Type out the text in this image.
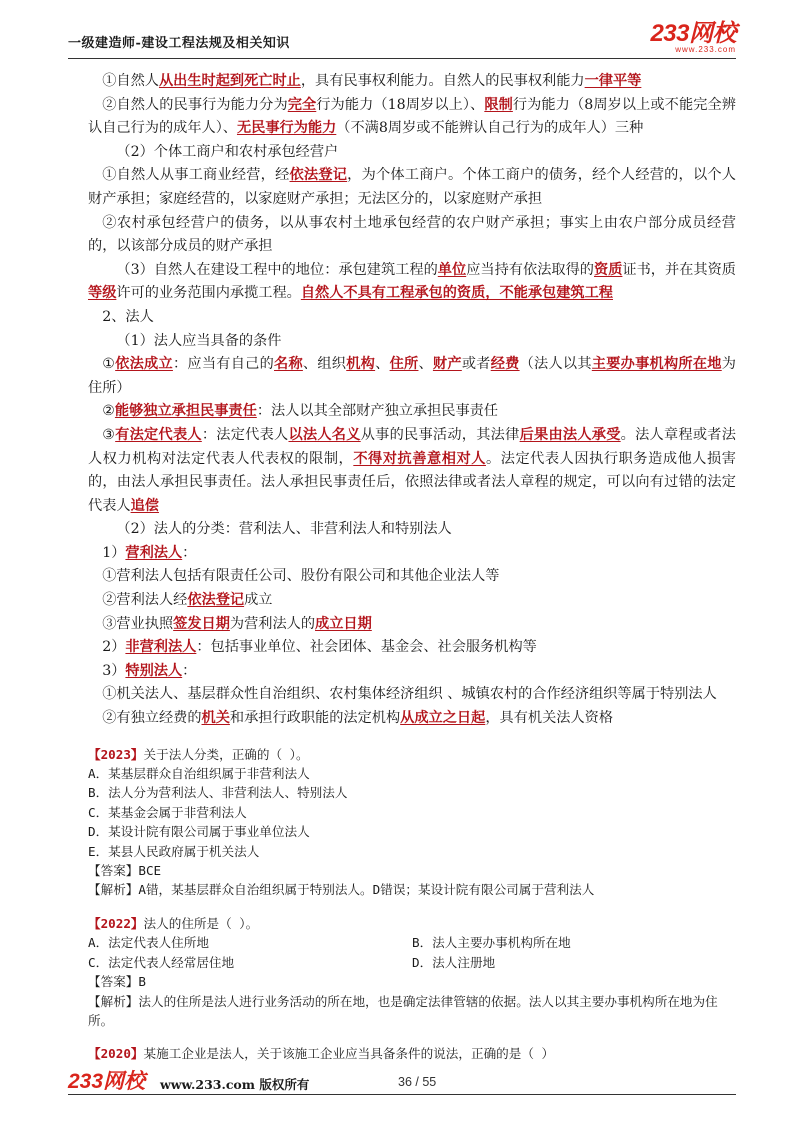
一级建造师-建设工程法规及相关知识	233网校
www.233.com

①自然人从出生时起到死亡时止，具有民事权利能力。自然人的民事权利能力一律平等

②自然人的民事行为能力分为完全行为能力（18周岁以上）、限制行为能力（8周岁以上或不能完全辨认自己行为的成年人）、无民事行为能力（不满8周岁或不能辨认自己行为的成年人）三种

（2）个体工商户和农村承包经营户

①自然人从事工商业经营，经依法登记，为个体工商户。个体工商户的债务，经个人经营的，以个人财产承担；家庭经营的，以家庭财产承担；无法区分的，以家庭财产承担

②农村承包经营户的债务，以从事农村土地承包经营的农户财产承担；事实上由农户部分成员经营的，以该部分成员的财产承担

（3）自然人在建设工程中的地位：承包建筑工程的单位应当持有依法取得的资质证书，并在其资质等级许可的业务范围内承揽工程。自然人不具有工程承包的资质，不能承包建筑工程

2、法人

（1）法人应当具备的条件

①依法成立：应当有自己的名称、组织机构、住所、财产或者经费（法人以其主要办事机构所在地为住所）

②能够独立承担民事责任：法人以其全部财产独立承担民事责任

③有法定代表人：法定代表人以法人名义从事的民事活动，其法律后果由法人承受。法人章程或者法人权力机构对法定代表人代表权的限制，不得对抗善意相对人。法定代表人因执行职务造成他人损害的，由法人承担民事责任。法人承担民事责任后，依照法律或者法人章程的规定，可以向有过错的法定代表人追偿

（2）法人的分类：营利法人、非营利法人和特别法人

1）营利法人：

①营利法人包括有限责任公司、股份有限公司和其他企业法人等

②营利法人经依法登记成立

③营业执照签发日期为营利法人的成立日期

2）非营利法人：包括事业单位、社会团体、基金会、社会服务机构等

3）特别法人：

①机关法人、基层群众性自治组织、农村集体经济组织 、城镇农村的合作经济组织等属于特别法人

②有独立经费的机关和承担行政职能的法定机构从成立之日起，具有机关法人资格

【2023】关于法人分类，正确的（ ）。

A．某基层群众自治组织属于非营利法人

B．法人分为营利法人、非营利法人、特别法人

C．某基金会属于非营利法人

D．某设计院有限公司属于事业单位法人

E．某县人民政府属于机关法人

【答案】BCE

【解析】A错，某基层群众自治组织属于特别法人。D错误；某设计院有限公司属于营利法人

【2022】法人的住所是（ ）。

A．法定代表人住所地	B．法人主要办事机构所在地
C．法定代表人经常居住地	D．法人注册地

【答案】B

【解析】法人的住所是法人进行业务活动的所在地，也是确定法律管辖的依据。法人以其主要办事机构所在地为住所。

【2020】某施工企业是法人，关于该施工企业应当具备条件的说法，正确的是（ ）

233网校 www.233.com 版权所有	36 / 55
